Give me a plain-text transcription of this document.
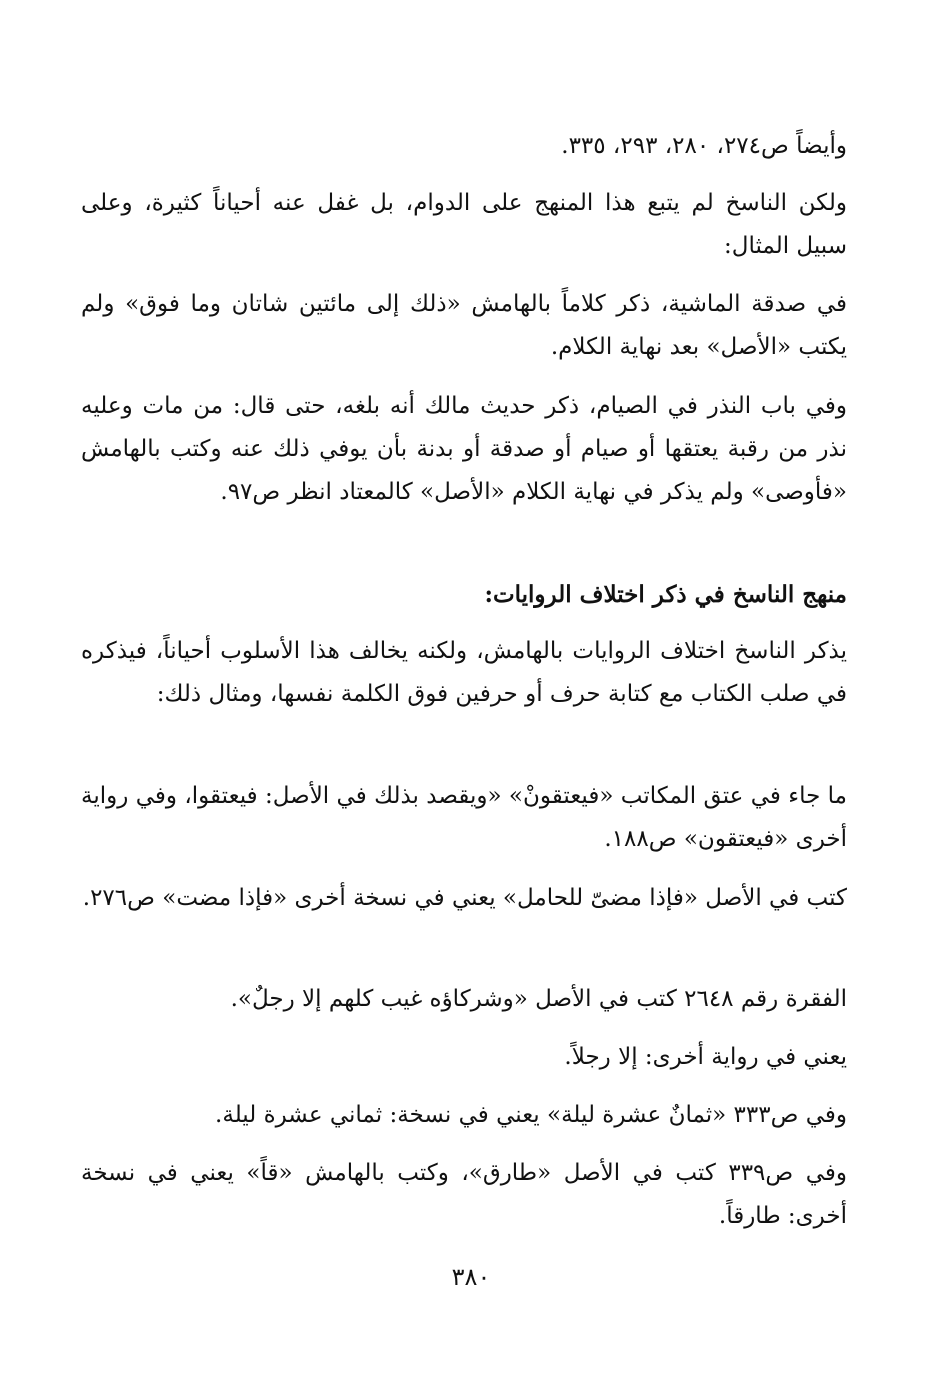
وأيضاً ص٢٧٤، ٢٨٠، ٢٩٣، ٣٣٥.

ولكن الناسخ لم يتبع هذا المنهج على الدوام، بل غفل عنه أحياناً كثيرة، وعلى سبيل المثال:

في صدقة الماشية، ذكر كلاماً بالهامش «ذلك إلى مائتين شاتان وما فوق» ولم يكتب «الأصل» بعد نهاية الكلام.

وفي باب النذر في الصيام، ذكر حديث مالك أنه بلغه، حتى قال: من مات وعليه نذر من رقبة يعتقها أو صيام أو صدقة أو بدنة بأن يوفي ذلك عنه وكتب بالهامش «فأوصى» ولم يذكر في نهاية الكلام «الأصل» كالمعتاد انظر ص٩٧.

منهج الناسخ في ذكر اختلاف الروايات:

يذكر الناسخ اختلاف الروايات بالهامش، ولكنه يخالف هذا الأسلوب أحياناً، فيذكره في صلب الكتاب مع كتابة حرف أو حرفين فوق الكلمة نفسها، ومثال ذلك:

ما جاء في عتق المكاتب «فيعتقونْ» «ويقصد بذلك في الأصل: فيعتقوا، وفي رواية أخرى «فيعتقون» ص١٨٨.

كتب في الأصل «فإذا مضىّ للحامل» يعني في نسخة أخرى «فإذا مضت» ص٢٧٦.

الفقرة رقم ٢٦٤٨ كتب في الأصل «وشركاؤه غيب كلهم إلا رجلٌ».

يعني في رواية أخرى: إلا رجلاً.

وفي ص٣٣٣ «ثمانٌ عشرة ليلة» يعني في نسخة: ثماني عشرة ليلة.

وفي ص٣٣٩ كتب في الأصل «طارق»، وكتب بالهامش «قاً» يعني في نسخة أخرى: طارقاً.

٣٨٠
